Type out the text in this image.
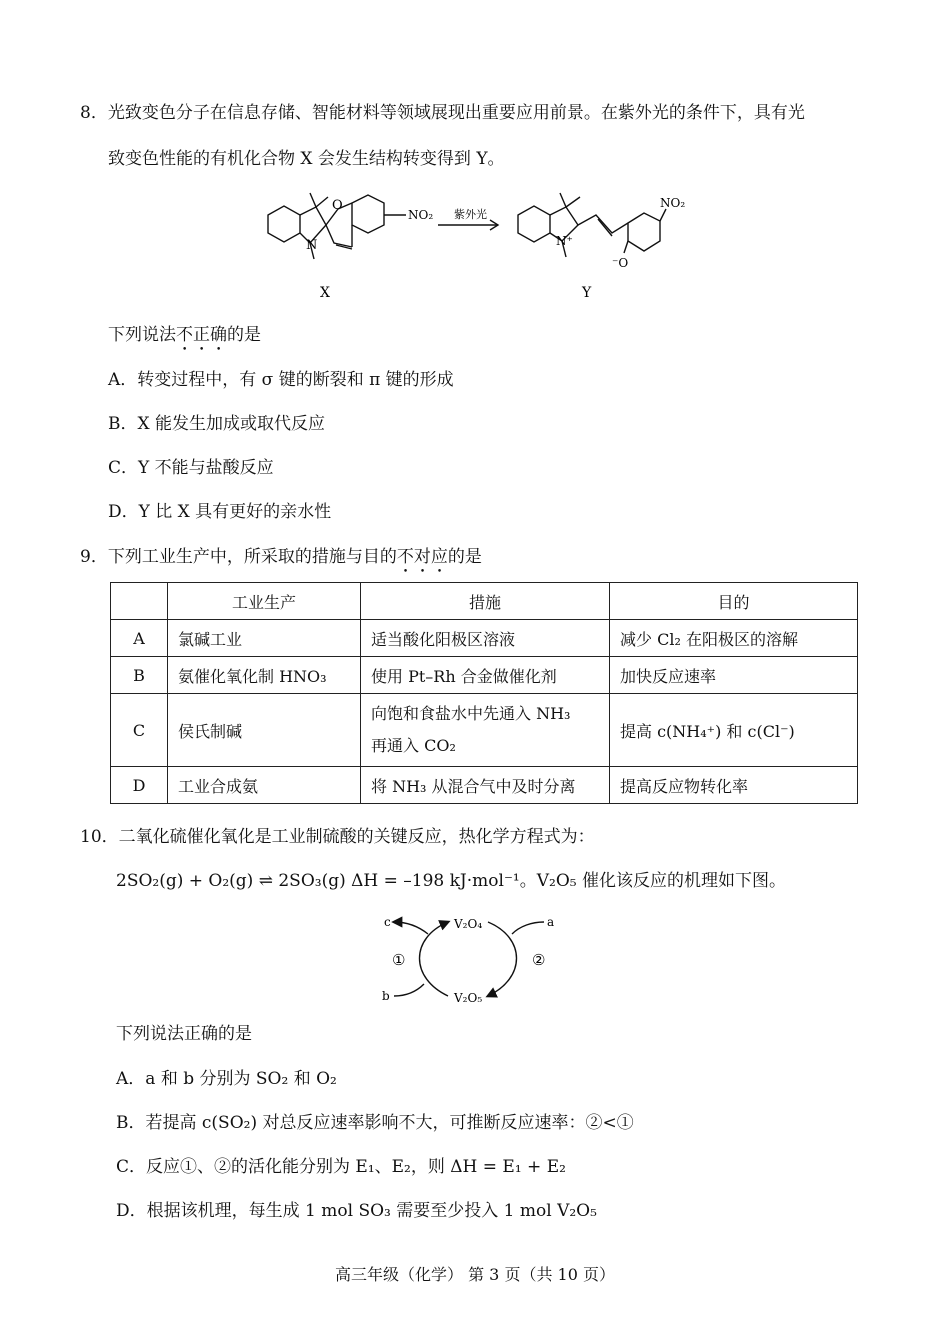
8．光致变色分子在信息存储、智能材料等领域展现出重要应用前景。在紫外光的条件下，具有光
致变色性能的有机化合物 X 会发生结构转变得到 Y。
N
O
NO₂ 紫外光
N⁺
NO₂
⁻O
X	Y
下列说法不正确的是
A．转变过程中，有 σ 键的断裂和 π 键的形成
B．X 能发生加成或取代反应
C．Y 不能与盐酸反应
D．Y 比 X 具有更好的亲水性
9．下列工业生产中，所采取的措施与目的不对应的是
	工业生产	措施	目的
A	氯碱工业	适当酸化阳极区溶液	减少 Cl₂ 在阳极区的溶解
B	氨催化氧化制 HNO₃	使用 Pt–Rh 合金做催化剂	加快反应速率
C	侯氏制碱	向饱和食盐水中先通入 NH₃
再通入 CO₂	提高 c(NH₄⁺) 和 c(Cl⁻)
D	工业合成氨	将 NH₃ 从混合气中及时分离	提高反应物转化率
10．二氧化硫催化氧化是工业制硫酸的关键反应，热化学方程式为：
2SO₂(g) + O₂(g) ⇌ 2SO₃(g) ΔH = –198 kJ·mol⁻¹。V₂O₅ 催化该反应的机理如下图。
V₂O₄
V₂O₅
c
b
a
①	②
下列说法正确的是
A．a 和 b 分别为 SO₂ 和 O₂
B．若提高 c(SO₂) 对总反应速率影响不大，可推断反应速率：②<①
C．反应①、②的活化能分别为 E₁、E₂，则 ΔH = E₁ + E₂
D．根据该机理，每生成 1 mol SO₃ 需要至少投入 1 mol V₂O₅
高三年级（化学） 第 3 页（共 10 页）
